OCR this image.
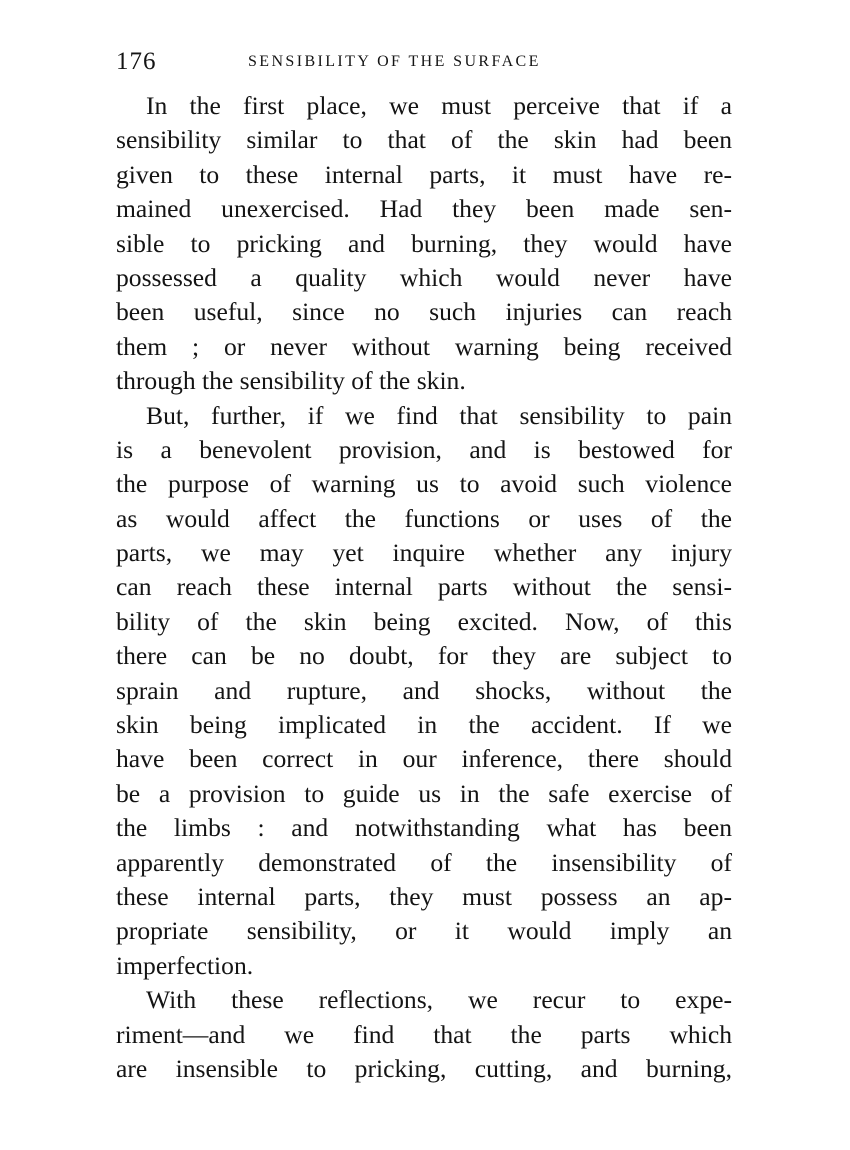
176	SENSIBILITY OF THE SURFACE
In the first place, we must perceive that if a
sensibility similar to that of the skin had been
given to these internal parts, it must have re-
mained unexercised. Had they been made sen-
sible to pricking and burning, they would have
possessed a quality which would never have
been useful, since no such injuries can reach
them ; or never without warning being received
through the sensibility of the skin.
But, further, if we find that sensibility to pain
is a benevolent provision, and is bestowed for
the purpose of warning us to avoid such violence
as would affect the functions or uses of the
parts, we may yet inquire whether any injury
can reach these internal parts without the sensi-
bility of the skin being excited. Now, of this
there can be no doubt, for they are subject to
sprain and rupture, and shocks, without the
skin being implicated in the accident. If we
have been correct in our inference, there should
be a provision to guide us in the safe exercise of
the limbs : and notwithstanding what has been
apparently demonstrated of the insensibility of
these internal parts, they must possess an ap-
propriate sensibility, or it would imply an
imperfection.
With these reflections, we recur to expe-
riment—and we find that the parts which
are insensible to pricking, cutting, and burning,
